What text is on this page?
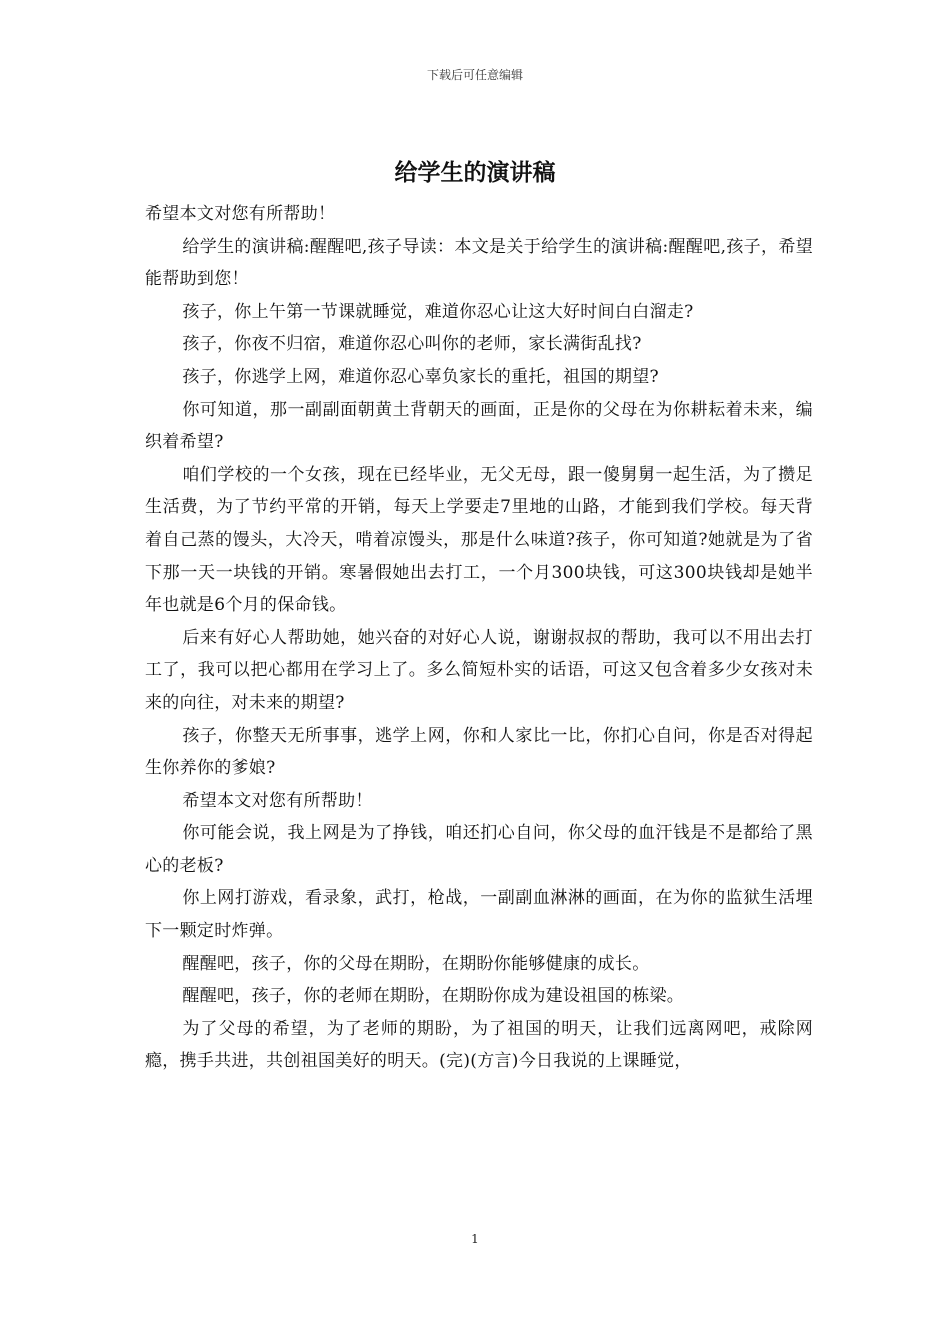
下载后可任意编辑
给学生的演讲稿

希望本文对您有所帮助！

给学生的演讲稿:醒醒吧,孩子导读：本文是关于给学生的演讲稿:醒醒吧,孩子，希望能帮助到您！

孩子，你上午第一节课就睡觉，难道你忍心让这大好时间白白溜走?

孩子，你夜不归宿，难道你忍心叫你的老师，家长满街乱找?

孩子，你逃学上网，难道你忍心辜负家长的重托，祖国的期望?

你可知道，那一副副面朝黄土背朝天的画面，正是你的父母在为你耕耘着未来，编织着希望?

咱们学校的一个女孩，现在已经毕业，无父无母，跟一傻舅舅一起生活，为了攒足生活费，为了节约平常的开销，每天上学要走7里地的山路，才能到我们学校。每天背着自己蒸的馒头，大冷天，啃着凉馒头，那是什么味道?孩子，你可知道?她就是为了省下那一天一块钱的开销。寒暑假她出去打工，一个月300块钱，可这300块钱却是她半年也就是6个月的保命钱。

后来有好心人帮助她，她兴奋的对好心人说，谢谢叔叔的帮助，我可以不用出去打工了，我可以把心都用在学习上了。多么简短朴实的话语，可这又包含着多少女孩对未来的向往，对未来的期望?

孩子，你整天无所事事，逃学上网，你和人家比一比，你扪心自问，你是否对得起生你养你的爹娘?

希望本文对您有所帮助！

你可能会说，我上网是为了挣钱，咱还扪心自问，你父母的血汗钱是不是都给了黑心的老板?

你上网打游戏，看录象，武打，枪战，一副副血淋淋的画面，在为你的监狱生活埋下一颗定时炸弹。

醒醒吧，孩子，你的父母在期盼，在期盼你能够健康的成长。

醒醒吧，孩子，你的老师在期盼，在期盼你成为建设祖国的栋梁。

为了父母的希望，为了老师的期盼，为了祖国的明天，让我们远离网吧，戒除网瘾，携手共进，共创祖国美好的明天。(完)(方言)今日我说的上课睡觉，

1
